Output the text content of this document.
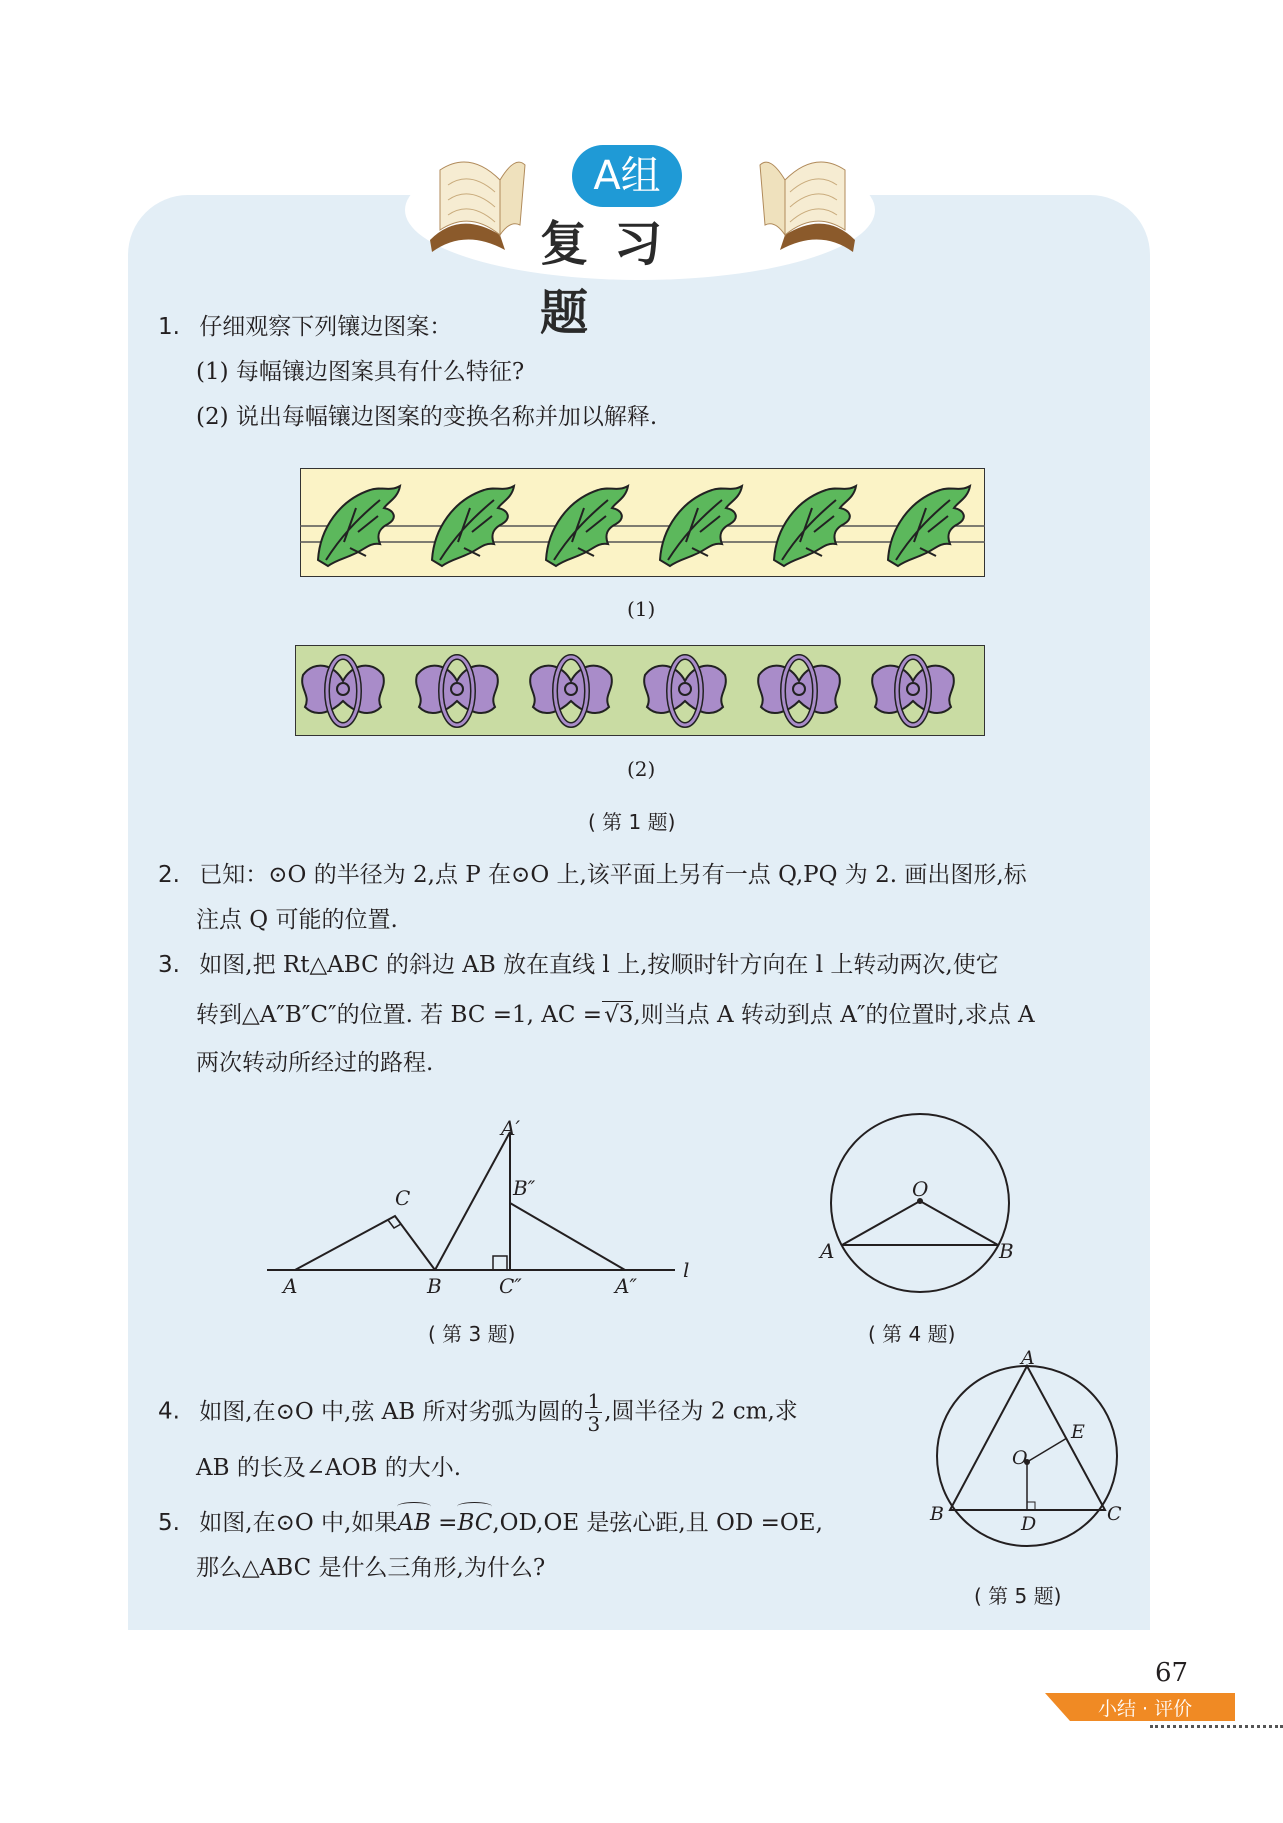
A组
复习题
1. 仔细观察下列镶边图案：
(1) 每幅镶边图案具有什么特征?
(2) 说出每幅镶边图案的变换名称并加以解释.
(1)
(2)
( 第 1 题)
2. 已知：⊙O 的半径为 2,点 P 在⊙O 上,该平面上另有一点 Q,PQ 为 2. 画出图形,标
注点 Q 可能的位置.
3. 如图,把 Rt△ABC 的斜边 AB 放在直线 l 上,按顺时针方向在 l 上转动两次,使它
转到△A″B″C″的位置. 若 BC =1, AC =√3,则当点 A 转动到点 A″的位置时,求点 A
两次转动所经过的路程.
A
C
B
A′
B″
C″	A″
l
( 第 3 题)
O
A	B
( 第 4 题)
4. 如图,在⊙O 中,弦 AB 所对劣弧为圆的 $\frac{1}{3}$ ,圆半径为 2 cm,求
AB 的长及∠AOB 的大小.
5. 如图,在⊙O 中,如果AB =BC,OD,OE 是弦心距,且 OD =OE,
那么△ABC 是什么三角形,为什么?
A
O
E
B	D	C
( 第 5 题)
67
小结 · 评价
